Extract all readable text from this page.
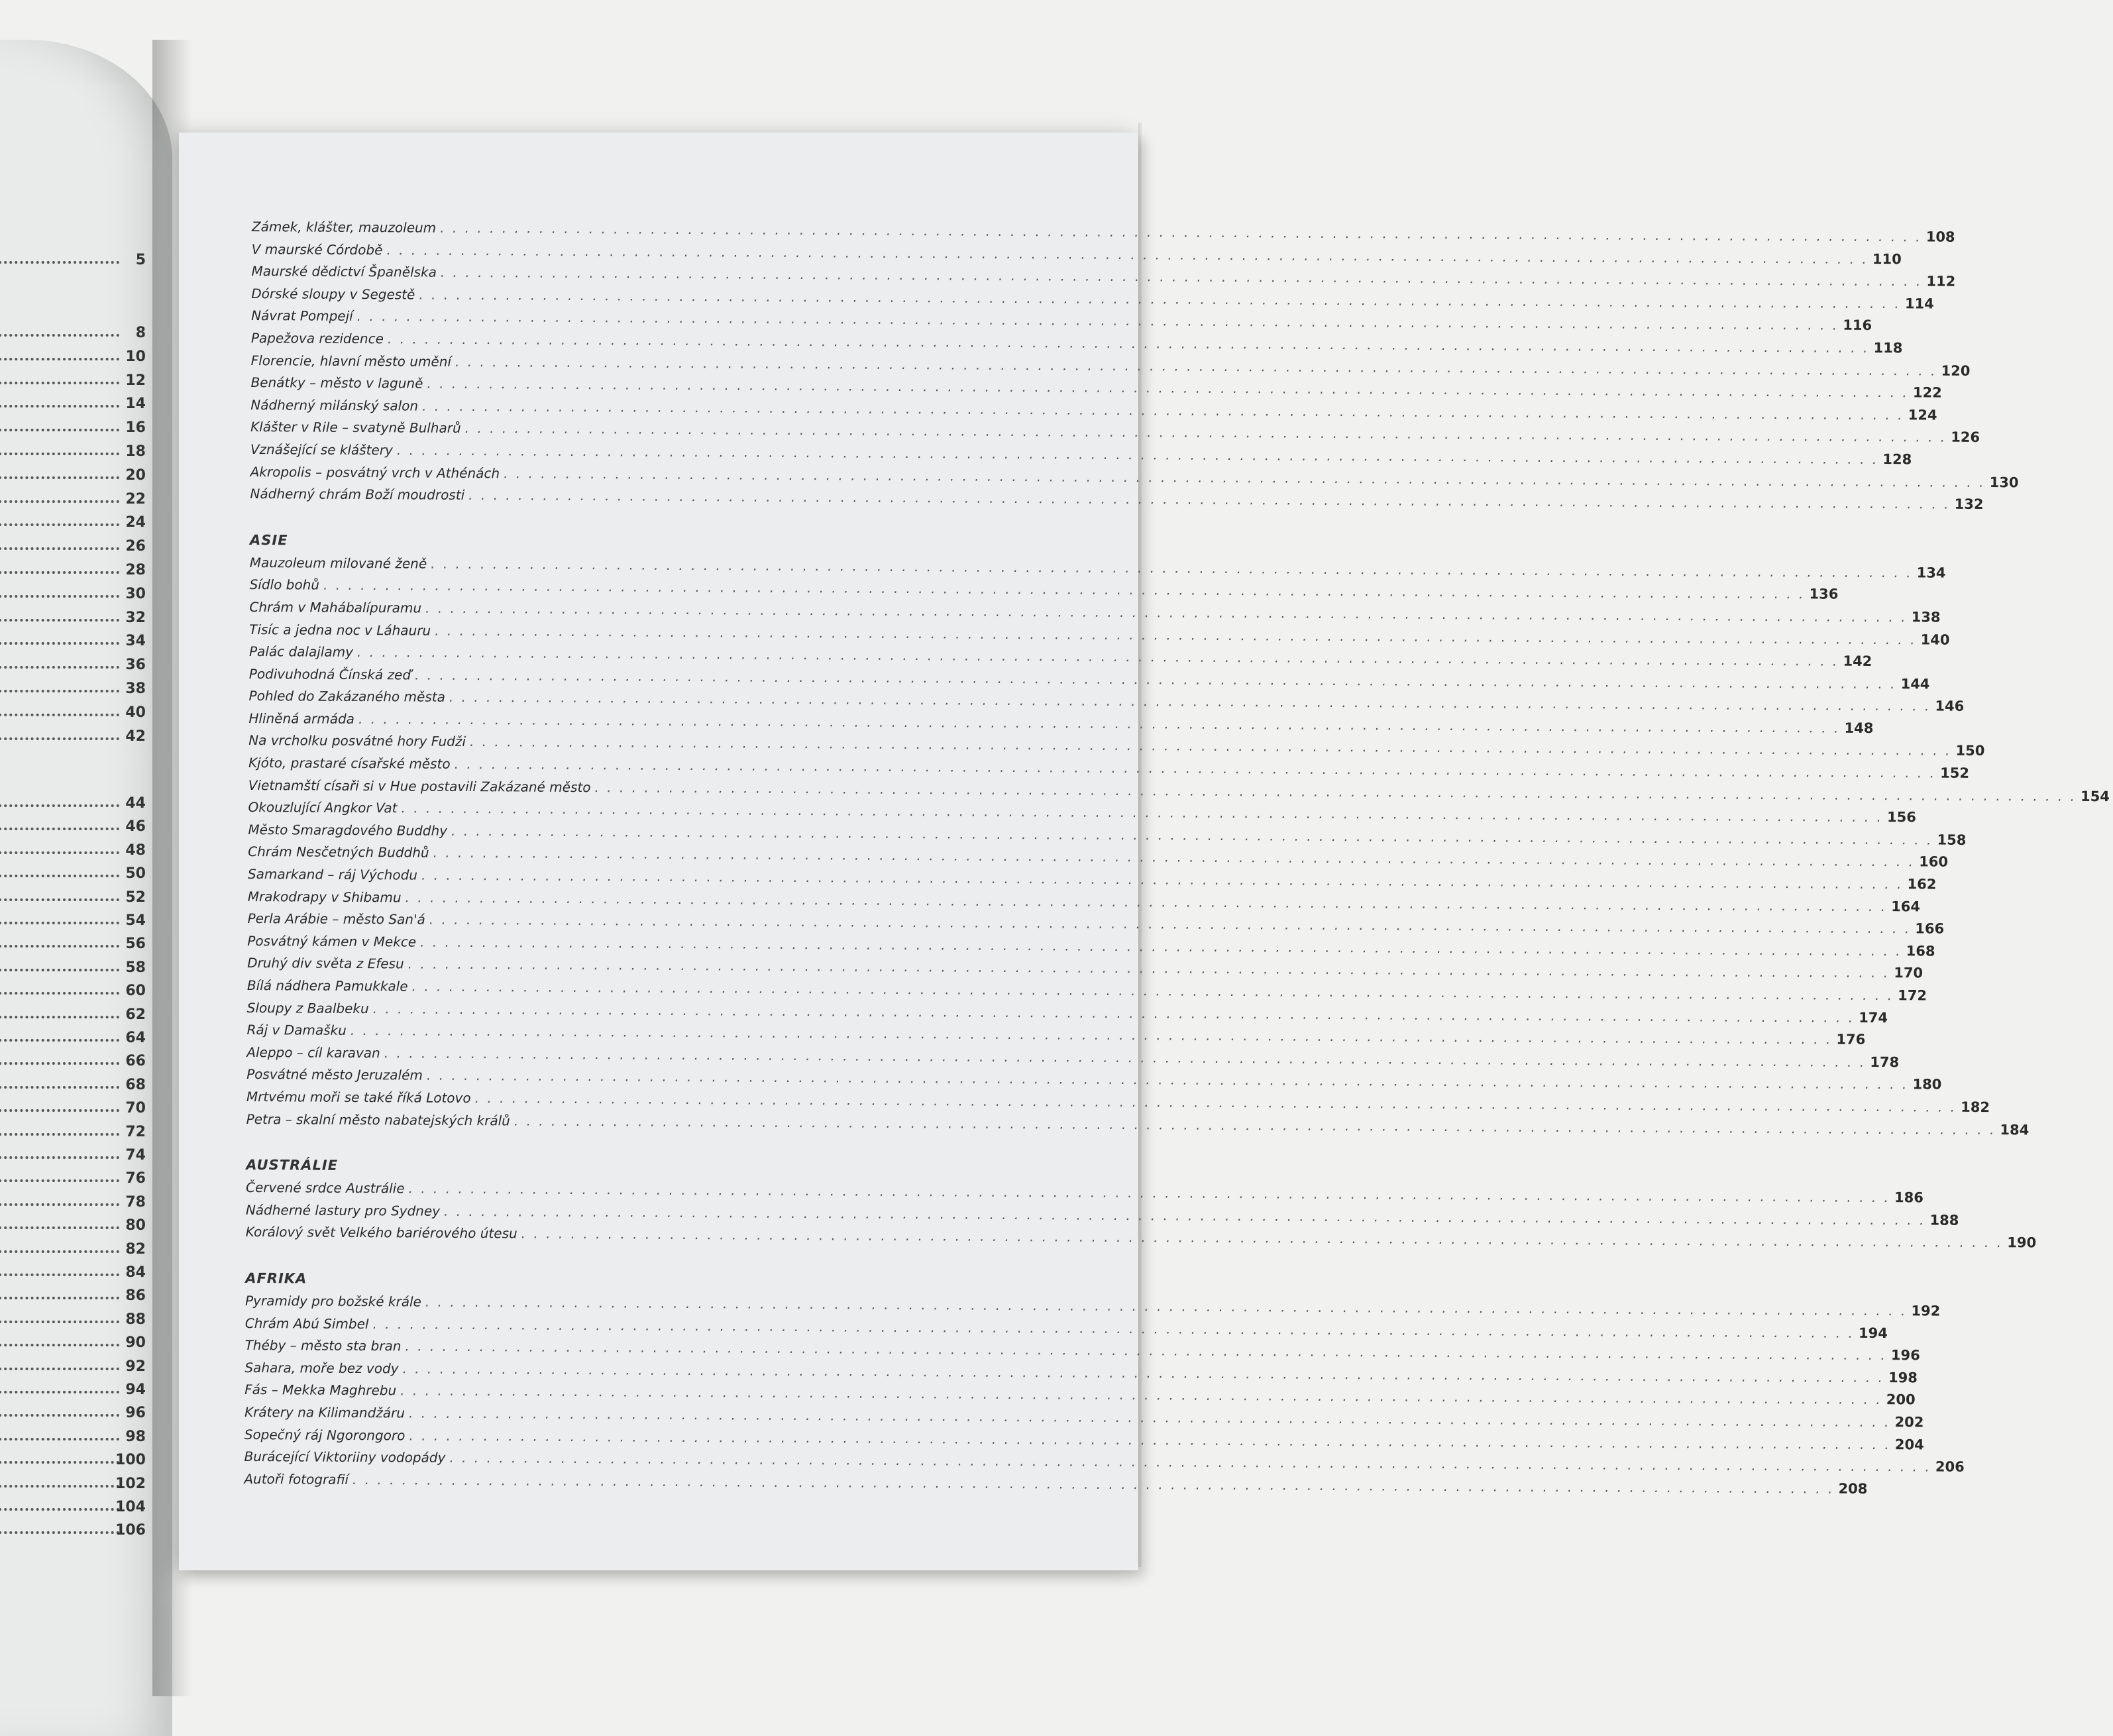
5
8
10
12
14
16
18
20
22
24
26
28
30
32
34
36
38
40
42
44
46
48
50
52
54
56
58
60
62
64
66
68
70
72
74
76
78
80
82
84
86
88
90
92
94
96
98
100
102
104
106
Zámek, klášter, mauzoleum . . . . . . . . . . . . . . . . . . . . . . . . . . . . . . . . . . . . . . . . . . . . . . . . . . . . . . . . . . . . . . . . . . . . . . . . . . . . . . . . . . . . . . . . . . . . . . . . . . . . . . . . . . . . . . . . . . . . . . . . 108
V maurské Córdobě . . . . . . . . . . . . . . . . . . . . . . . . . . . . . . . . . . . . . . . . . . . . . . . . . . . . . . . . . . . . . . . . . . . . . . . . . . . . . . . . . . . . . . . . . . . . . . . . . . . . . . . . . . . . . . . . . . . . . . . . 110
Maurské dědictví Španělska . . . . . . . . . . . . . . . . . . . . . . . . . . . . . . . . . . . . . . . . . . . . . . . . . . . . . . . . . . . . . . . . . . . . . . . . . . . . . . . . . . . . . . . . . . . . . . . . . . . . . . . . . . . . . . . . . . . . . . . . 112
Dórské sloupy v Segestě . . . . . . . . . . . . . . . . . . . . . . . . . . . . . . . . . . . . . . . . . . . . . . . . . . . . . . . . . . . . . . . . . . . . . . . . . . . . . . . . . . . . . . . . . . . . . . . . . . . . . . . . . . . . . . . . . . . . . . . . 114
Návrat Pompejí . . . . . . . . . . . . . . . . . . . . . . . . . . . . . . . . . . . . . . . . . . . . . . . . . . . . . . . . . . . . . . . . . . . . . . . . . . . . . . . . . . . . . . . . . . . . . . . . . . . . . . . . . . . . . . . . . . . . . . . . 116
Papežova rezidence . . . . . . . . . . . . . . . . . . . . . . . . . . . . . . . . . . . . . . . . . . . . . . . . . . . . . . . . . . . . . . . . . . . . . . . . . . . . . . . . . . . . . . . . . . . . . . . . . . . . . . . . . . . . . . . . . . . . . . . . 118
Florencie, hlavní město umění . . . . . . . . . . . . . . . . . . . . . . . . . . . . . . . . . . . . . . . . . . . . . . . . . . . . . . . . . . . . . . . . . . . . . . . . . . . . . . . . . . . . . . . . . . . . . . . . . . . . . . . . . . . . . . . . . . . . . . . . 120
Benátky – město v laguně . . . . . . . . . . . . . . . . . . . . . . . . . . . . . . . . . . . . . . . . . . . . . . . . . . . . . . . . . . . . . . . . . . . . . . . . . . . . . . . . . . . . . . . . . . . . . . . . . . . . . . . . . . . . . . . . . . . . . . . . 122
Nádherný milánský salon . . . . . . . . . . . . . . . . . . . . . . . . . . . . . . . . . . . . . . . . . . . . . . . . . . . . . . . . . . . . . . . . . . . . . . . . . . . . . . . . . . . . . . . . . . . . . . . . . . . . . . . . . . . . . . . . . . . . . . . . 124
Klášter v Rile – svatyně Bulharů . . . . . . . . . . . . . . . . . . . . . . . . . . . . . . . . . . . . . . . . . . . . . . . . . . . . . . . . . . . . . . . . . . . . . . . . . . . . . . . . . . . . . . . . . . . . . . . . . . . . . . . . . . . . . . . . . . . . . . . . 126
Vznášející se kláštery . . . . . . . . . . . . . . . . . . . . . . . . . . . . . . . . . . . . . . . . . . . . . . . . . . . . . . . . . . . . . . . . . . . . . . . . . . . . . . . . . . . . . . . . . . . . . . . . . . . . . . . . . . . . . . . . . . . . . . . . 128
Akropolis – posvátný vrch v Athénách . . . . . . . . . . . . . . . . . . . . . . . . . . . . . . . . . . . . . . . . . . . . . . . . . . . . . . . . . . . . . . . . . . . . . . . . . . . . . . . . . . . . . . . . . . . . . . . . . . . . . . . . . . . . . . . . . . . . . . . . 130
Nádherný chrám Boží moudrosti . . . . . . . . . . . . . . . . . . . . . . . . . . . . . . . . . . . . . . . . . . . . . . . . . . . . . . . . . . . . . . . . . . . . . . . . . . . . . . . . . . . . . . . . . . . . . . . . . . . . . . . . . . . . . . . . . . . . . . . . 132
ASIE
Mauzoleum milované ženě . . . . . . . . . . . . . . . . . . . . . . . . . . . . . . . . . . . . . . . . . . . . . . . . . . . . . . . . . . . . . . . . . . . . . . . . . . . . . . . . . . . . . . . . . . . . . . . . . . . . . . . . . . . . . . . . . . . . . . . . 134
Sídlo bohů . . . . . . . . . . . . . . . . . . . . . . . . . . . . . . . . . . . . . . . . . . . . . . . . . . . . . . . . . . . . . . . . . . . . . . . . . . . . . . . . . . . . . . . . . . . . . . . . . . . . . . . . . . . . . . . . . . . . . . . . 136
Chrám v Mahábalípuramu . . . . . . . . . . . . . . . . . . . . . . . . . . . . . . . . . . . . . . . . . . . . . . . . . . . . . . . . . . . . . . . . . . . . . . . . . . . . . . . . . . . . . . . . . . . . . . . . . . . . . . . . . . . . . . . . . . . . . . . . 138
Tisíc a jedna noc v Láhauru . . . . . . . . . . . . . . . . . . . . . . . . . . . . . . . . . . . . . . . . . . . . . . . . . . . . . . . . . . . . . . . . . . . . . . . . . . . . . . . . . . . . . . . . . . . . . . . . . . . . . . . . . . . . . . . . . . . . . . . . 140
Palác dalajlamy . . . . . . . . . . . . . . . . . . . . . . . . . . . . . . . . . . . . . . . . . . . . . . . . . . . . . . . . . . . . . . . . . . . . . . . . . . . . . . . . . . . . . . . . . . . . . . . . . . . . . . . . . . . . . . . . . . . . . . . . 142
Podivuhodná Čínská zeď . . . . . . . . . . . . . . . . . . . . . . . . . . . . . . . . . . . . . . . . . . . . . . . . . . . . . . . . . . . . . . . . . . . . . . . . . . . . . . . . . . . . . . . . . . . . . . . . . . . . . . . . . . . . . . . . . . . . . . . . 144
Pohled do Zakázaného města . . . . . . . . . . . . . . . . . . . . . . . . . . . . . . . . . . . . . . . . . . . . . . . . . . . . . . . . . . . . . . . . . . . . . . . . . . . . . . . . . . . . . . . . . . . . . . . . . . . . . . . . . . . . . . . . . . . . . . . . 146
Hliněná armáda . . . . . . . . . . . . . . . . . . . . . . . . . . . . . . . . . . . . . . . . . . . . . . . . . . . . . . . . . . . . . . . . . . . . . . . . . . . . . . . . . . . . . . . . . . . . . . . . . . . . . . . . . . . . . . . . . . . . . . . . 148
Na vrcholku posvátné hory Fudži . . . . . . . . . . . . . . . . . . . . . . . . . . . . . . . . . . . . . . . . . . . . . . . . . . . . . . . . . . . . . . . . . . . . . . . . . . . . . . . . . . . . . . . . . . . . . . . . . . . . . . . . . . . . . . . . . . . . . . . . 150
Kjóto, prastaré císařské město . . . . . . . . . . . . . . . . . . . . . . . . . . . . . . . . . . . . . . . . . . . . . . . . . . . . . . . . . . . . . . . . . . . . . . . . . . . . . . . . . . . . . . . . . . . . . . . . . . . . . . . . . . . . . . . . . . . . . . . . 152
Vietnamští císaři si v Hue postavili Zakázané město . . . . . . . . . . . . . . . . . . . . . . . . . . . . . . . . . . . . . . . . . . . . . . . . . . . . . . . . . . . . . . . . . . . . . . . . . . . . . . . . . . . . . . . . . . . . . . . . . . . . . . . . . . . . . . . . . . . . . . . . 154
Okouzlující Angkor Vat . . . . . . . . . . . . . . . . . . . . . . . . . . . . . . . . . . . . . . . . . . . . . . . . . . . . . . . . . . . . . . . . . . . . . . . . . . . . . . . . . . . . . . . . . . . . . . . . . . . . . . . . . . . . . . . . . . . . . . . . 156
Město Smaragdového Buddhy . . . . . . . . . . . . . . . . . . . . . . . . . . . . . . . . . . . . . . . . . . . . . . . . . . . . . . . . . . . . . . . . . . . . . . . . . . . . . . . . . . . . . . . . . . . . . . . . . . . . . . . . . . . . . . . . . . . . . . . . 158
Chrám Nesčetných Buddhů . . . . . . . . . . . . . . . . . . . . . . . . . . . . . . . . . . . . . . . . . . . . . . . . . . . . . . . . . . . . . . . . . . . . . . . . . . . . . . . . . . . . . . . . . . . . . . . . . . . . . . . . . . . . . . . . . . . . . . . . 160
Samarkand – ráj Východu . . . . . . . . . . . . . . . . . . . . . . . . . . . . . . . . . . . . . . . . . . . . . . . . . . . . . . . . . . . . . . . . . . . . . . . . . . . . . . . . . . . . . . . . . . . . . . . . . . . . . . . . . . . . . . . . . . . . . . . . 162
Mrakodrapy v Shibamu . . . . . . . . . . . . . . . . . . . . . . . . . . . . . . . . . . . . . . . . . . . . . . . . . . . . . . . . . . . . . . . . . . . . . . . . . . . . . . . . . . . . . . . . . . . . . . . . . . . . . . . . . . . . . . . . . . . . . . . . 164
Perla Arábie – město San'á . . . . . . . . . . . . . . . . . . . . . . . . . . . . . . . . . . . . . . . . . . . . . . . . . . . . . . . . . . . . . . . . . . . . . . . . . . . . . . . . . . . . . . . . . . . . . . . . . . . . . . . . . . . . . . . . . . . . . . . . 166
Posvátný kámen v Mekce . . . . . . . . . . . . . . . . . . . . . . . . . . . . . . . . . . . . . . . . . . . . . . . . . . . . . . . . . . . . . . . . . . . . . . . . . . . . . . . . . . . . . . . . . . . . . . . . . . . . . . . . . . . . . . . . . . . . . . . . 168
Druhý div světa z Efesu . . . . . . . . . . . . . . . . . . . . . . . . . . . . . . . . . . . . . . . . . . . . . . . . . . . . . . . . . . . . . . . . . . . . . . . . . . . . . . . . . . . . . . . . . . . . . . . . . . . . . . . . . . . . . . . . . . . . . . . . 170
Bílá nádhera Pamukkale . . . . . . . . . . . . . . . . . . . . . . . . . . . . . . . . . . . . . . . . . . . . . . . . . . . . . . . . . . . . . . . . . . . . . . . . . . . . . . . . . . . . . . . . . . . . . . . . . . . . . . . . . . . . . . . . . . . . . . . . 172
Sloupy z Baalbeku . . . . . . . . . . . . . . . . . . . . . . . . . . . . . . . . . . . . . . . . . . . . . . . . . . . . . . . . . . . . . . . . . . . . . . . . . . . . . . . . . . . . . . . . . . . . . . . . . . . . . . . . . . . . . . . . . . . . . . . . 174
Ráj v Damašku . . . . . . . . . . . . . . . . . . . . . . . . . . . . . . . . . . . . . . . . . . . . . . . . . . . . . . . . . . . . . . . . . . . . . . . . . . . . . . . . . . . . . . . . . . . . . . . . . . . . . . . . . . . . . . . . . . . . . . . . 176
Aleppo – cíl karavan . . . . . . . . . . . . . . . . . . . . . . . . . . . . . . . . . . . . . . . . . . . . . . . . . . . . . . . . . . . . . . . . . . . . . . . . . . . . . . . . . . . . . . . . . . . . . . . . . . . . . . . . . . . . . . . . . . . . . . . . 178
Posvátné město Jeruzalém . . . . . . . . . . . . . . . . . . . . . . . . . . . . . . . . . . . . . . . . . . . . . . . . . . . . . . . . . . . . . . . . . . . . . . . . . . . . . . . . . . . . . . . . . . . . . . . . . . . . . . . . . . . . . . . . . . . . . . . . 180
Mrtvému moři se také říká Lotovo . . . . . . . . . . . . . . . . . . . . . . . . . . . . . . . . . . . . . . . . . . . . . . . . . . . . . . . . . . . . . . . . . . . . . . . . . . . . . . . . . . . . . . . . . . . . . . . . . . . . . . . . . . . . . . . . . . . . . . . . 182
Petra – skalní město nabatejských králů . . . . . . . . . . . . . . . . . . . . . . . . . . . . . . . . . . . . . . . . . . . . . . . . . . . . . . . . . . . . . . . . . . . . . . . . . . . . . . . . . . . . . . . . . . . . . . . . . . . . . . . . . . . . . . . . . . . . . . . . 184
AUSTRÁLIE
Červené srdce Austrálie . . . . . . . . . . . . . . . . . . . . . . . . . . . . . . . . . . . . . . . . . . . . . . . . . . . . . . . . . . . . . . . . . . . . . . . . . . . . . . . . . . . . . . . . . . . . . . . . . . . . . . . . . . . . . . . . . . . . . . . . 186
Nádherné lastury pro Sydney . . . . . . . . . . . . . . . . . . . . . . . . . . . . . . . . . . . . . . . . . . . . . . . . . . . . . . . . . . . . . . . . . . . . . . . . . . . . . . . . . . . . . . . . . . . . . . . . . . . . . . . . . . . . . . . . . . . . . . . . 188
Korálový svět Velkého bariérového útesu . . . . . . . . . . . . . . . . . . . . . . . . . . . . . . . . . . . . . . . . . . . . . . . . . . . . . . . . . . . . . . . . . . . . . . . . . . . . . . . . . . . . . . . . . . . . . . . . . . . . . . . . . . . . . . . . . . . . . . . . 190
AFRIKA
Pyramidy pro božské krále . . . . . . . . . . . . . . . . . . . . . . . . . . . . . . . . . . . . . . . . . . . . . . . . . . . . . . . . . . . . . . . . . . . . . . . . . . . . . . . . . . . . . . . . . . . . . . . . . . . . . . . . . . . . . . . . . . . . . . . . 192
Chrám Abú Simbel . . . . . . . . . . . . . . . . . . . . . . . . . . . . . . . . . . . . . . . . . . . . . . . . . . . . . . . . . . . . . . . . . . . . . . . . . . . . . . . . . . . . . . . . . . . . . . . . . . . . . . . . . . . . . . . . . . . . . . . . 194
Théby – město sta bran . . . . . . . . . . . . . . . . . . . . . . . . . . . . . . . . . . . . . . . . . . . . . . . . . . . . . . . . . . . . . . . . . . . . . . . . . . . . . . . . . . . . . . . . . . . . . . . . . . . . . . . . . . . . . . . . . . . . . . . . 196
Sahara, moře bez vody . . . . . . . . . . . . . . . . . . . . . . . . . . . . . . . . . . . . . . . . . . . . . . . . . . . . . . . . . . . . . . . . . . . . . . . . . . . . . . . . . . . . . . . . . . . . . . . . . . . . . . . . . . . . . . . . . . . . . . . . 198
Fás – Mekka Maghrebu . . . . . . . . . . . . . . . . . . . . . . . . . . . . . . . . . . . . . . . . . . . . . . . . . . . . . . . . . . . . . . . . . . . . . . . . . . . . . . . . . . . . . . . . . . . . . . . . . . . . . . . . . . . . . . . . . . . . . . . . 200
Krátery na Kilimandžáru . . . . . . . . . . . . . . . . . . . . . . . . . . . . . . . . . . . . . . . . . . . . . . . . . . . . . . . . . . . . . . . . . . . . . . . . . . . . . . . . . . . . . . . . . . . . . . . . . . . . . . . . . . . . . . . . . . . . . . . . 202
Sopečný ráj Ngorongoro . . . . . . . . . . . . . . . . . . . . . . . . . . . . . . . . . . . . . . . . . . . . . . . . . . . . . . . . . . . . . . . . . . . . . . . . . . . . . . . . . . . . . . . . . . . . . . . . . . . . . . . . . . . . . . . . . . . . . . . . 204
Burácející Viktoriiny vodopády . . . . . . . . . . . . . . . . . . . . . . . . . . . . . . . . . . . . . . . . . . . . . . . . . . . . . . . . . . . . . . . . . . . . . . . . . . . . . . . . . . . . . . . . . . . . . . . . . . . . . . . . . . . . . . . . . . . . . . . . 206
Autoři fotografií . . . . . . . . . . . . . . . . . . . . . . . . . . . . . . . . . . . . . . . . . . . . . . . . . . . . . . . . . . . . . . . . . . . . . . . . . . . . . . . . . . . . . . . . . . . . . . . . . . . . . . . . . . . . . . . . . . . . . . . . 208
